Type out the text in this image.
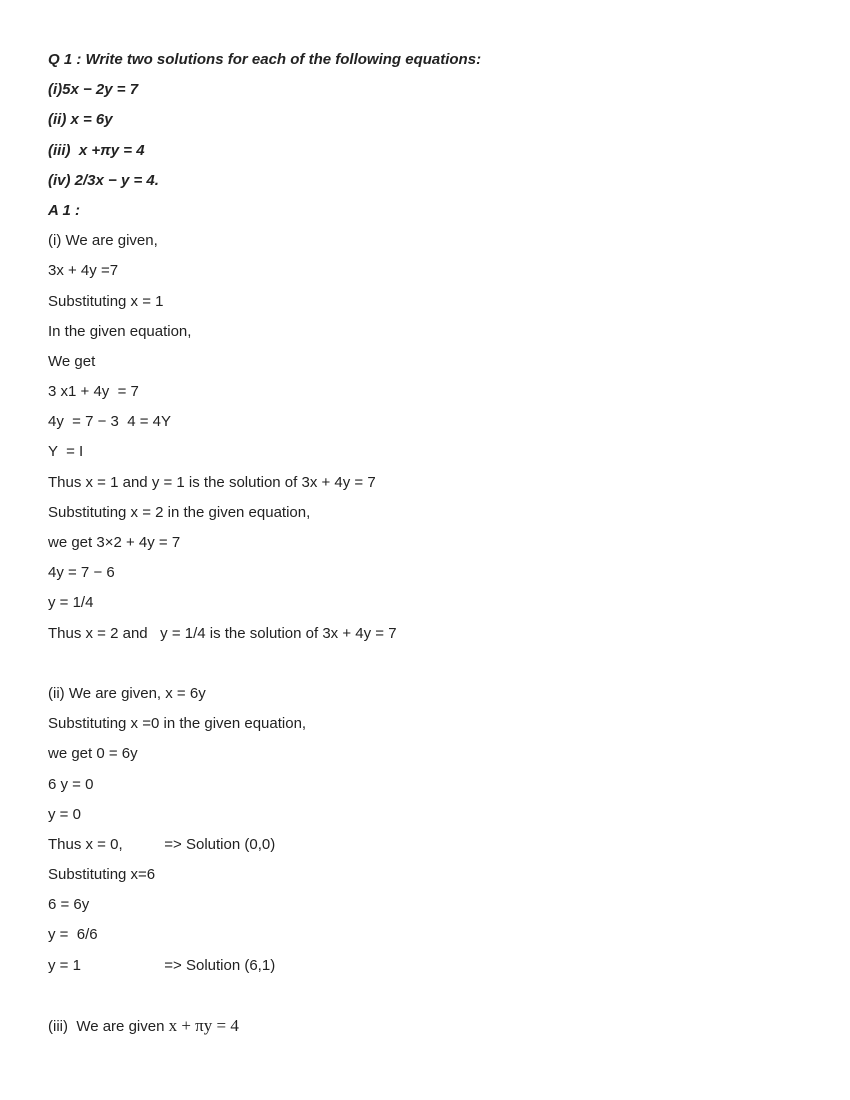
Q 1 : Write two solutions for each of the following equations:
(i)5x − 2y = 7
(ii) x = 6y
(iii)  x +πy = 4
(iv) 2/3x − y = 4.
A 1 :
(i) We are given,
3x + 4y =7
Substituting x = 1
In the given equation,
We get
3 x1 + 4y  = 7
4y  = 7 − 3  4 = 4Y
Y  = I
Thus x = 1 and y = 1 is the solution of 3x + 4y = 7
Substituting x = 2 in the given equation,
we get 3×2 + 4y = 7
4y = 7 − 6
y = 1/4
Thus x = 2 and   y = 1/4 is the solution of 3x + 4y = 7
(ii) We are given, x = 6y
Substituting x =0 in the given equation,
we get 0 = 6y
6 y = 0
y = 0
Thus x = 0,          => Solution (0,0)
Substituting x=6
6 = 6y
y =  6/6
y = 1                    => Solution (6,1)
(iii)  We are given x + πy = 4
